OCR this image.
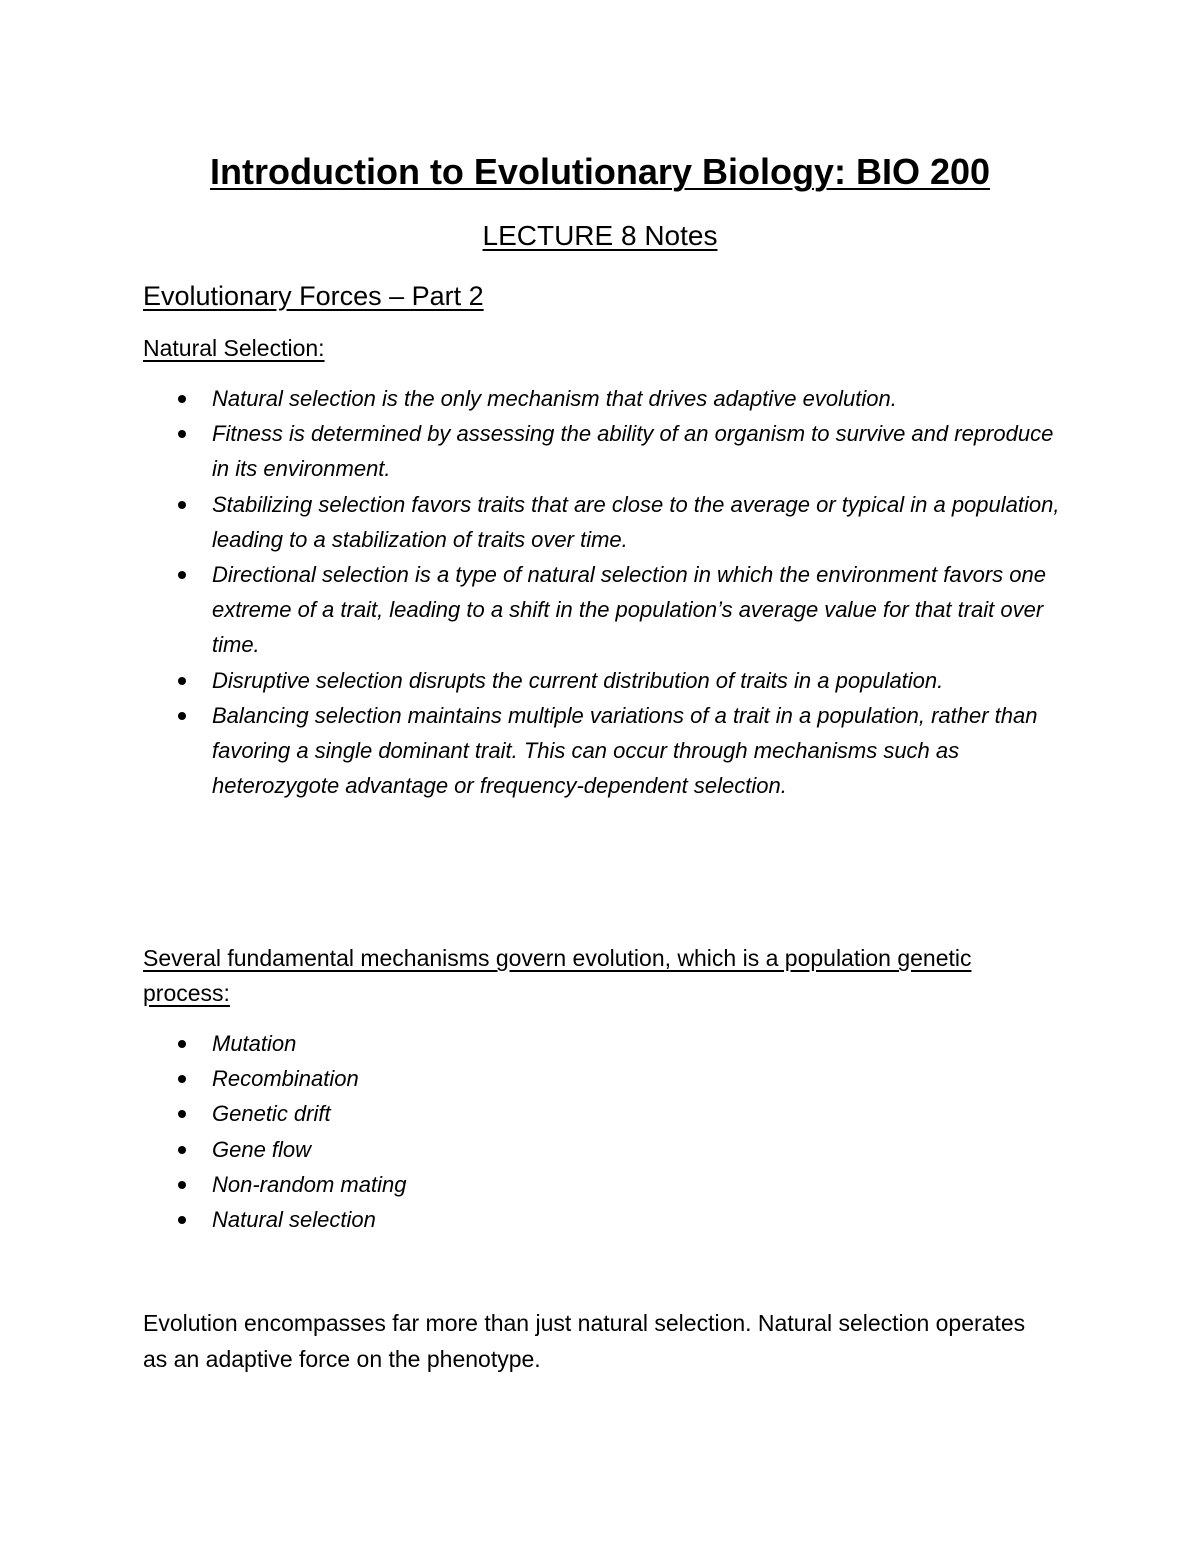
Introduction to Evolutionary Biology: BIO 200
LECTURE 8 Notes
Evolutionary Forces – Part 2
Natural Selection:
Natural selection is the only mechanism that drives adaptive evolution.
Fitness is determined by assessing the ability of an organism to survive and reproduce in its environment.
Stabilizing selection favors traits that are close to the average or typical in a population, leading to a stabilization of traits over time.
Directional selection is a type of natural selection in which the environment favors one extreme of a trait, leading to a shift in the population’s average value for that trait over time.
Disruptive selection disrupts the current distribution of traits in a population.
Balancing selection maintains multiple variations of a trait in a population, rather than favoring a single dominant trait. This can occur through mechanisms such as heterozygote advantage or frequency-dependent selection.
Several fundamental mechanisms govern evolution, which is a population genetic process:
Mutation
Recombination
Genetic drift
Gene flow
Non-random mating
Natural selection
Evolution encompasses far more than just natural selection. Natural selection operates as an adaptive force on the phenotype.
